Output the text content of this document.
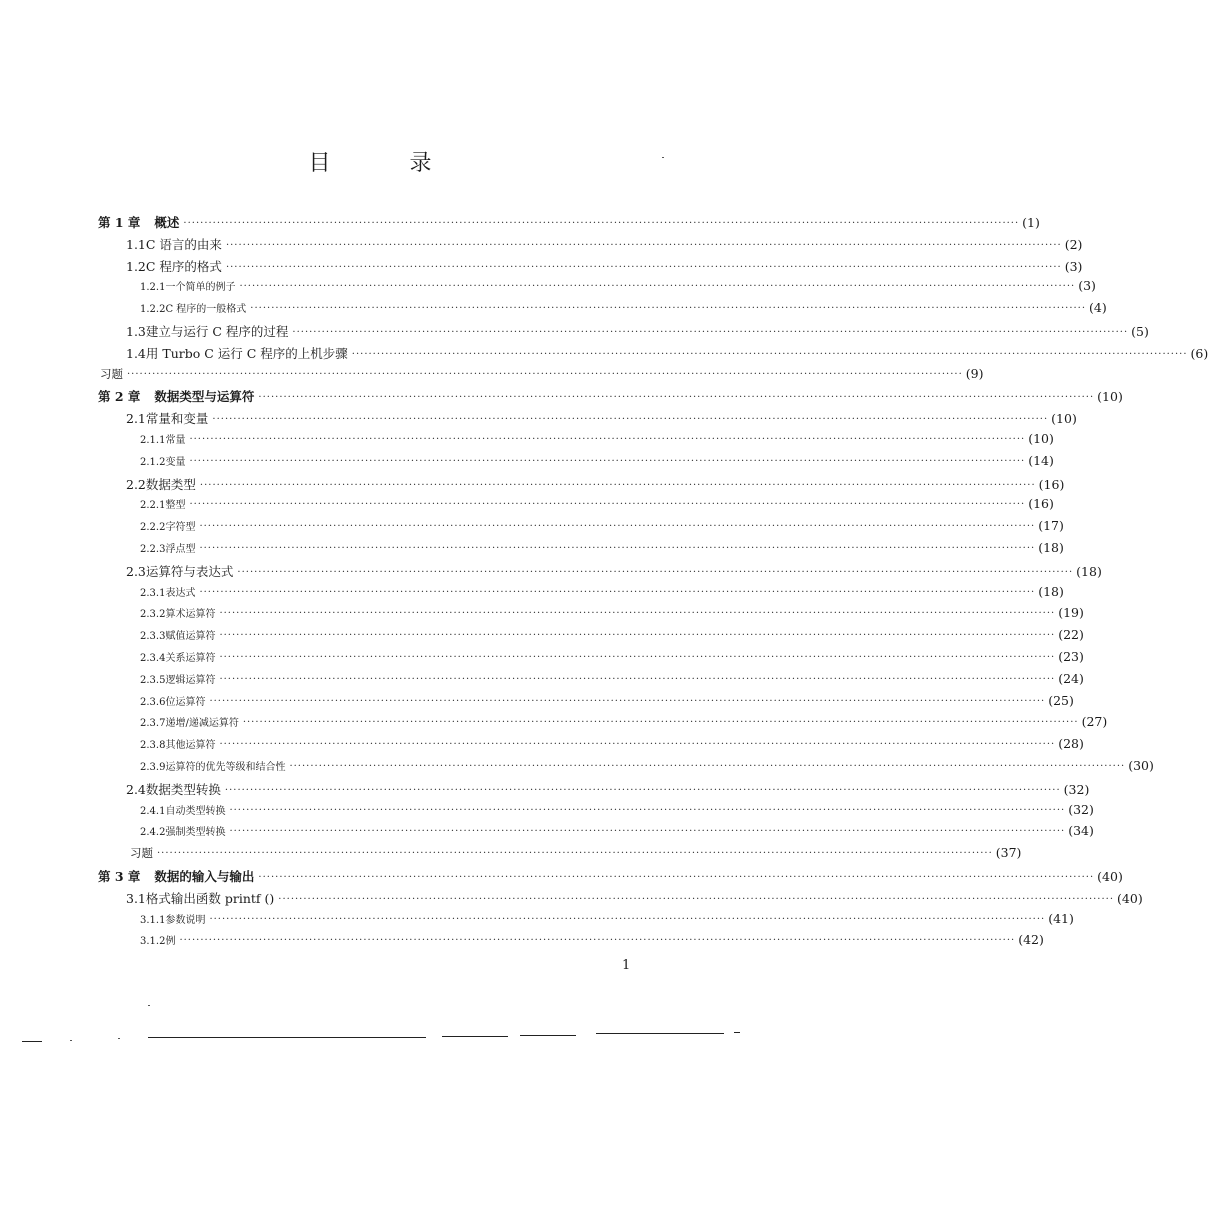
目 录
第 1 章 概述 ········································································································································································································ (1)
1.1 C 语言的由来 ········································································································································································································ (2)
1.2 C 程序的格式 ········································································································································································································ (3)
1.2.1 一个简单的例子 ········································································································································································································ (3)
1.2.2 C 程序的一般格式 ········································································································································································································ (4)
1.3 建立与运行 C 程序的过程 ········································································································································································································ (5)
1.4 用 Turbo C 运行 C 程序的上机步骤 ········································································································································································································ (6)
习题 ········································································································································································································ (9)
第 2 章 数据类型与运算符 ········································································································································································································ (10)
2.1 常量和变量 ········································································································································································································ (10)
2.1.1 常量 ········································································································································································································ (10)
2.1.2 变量 ········································································································································································································ (14)
2.2 数据类型 ········································································································································································································ (16)
2.2.1 整型 ········································································································································································································ (16)
2.2.2 字符型 ········································································································································································································ (17)
2.2.3 浮点型 ········································································································································································································ (18)
2.3 运算符与表达式 ········································································································································································································ (18)
2.3.1 表达式 ········································································································································································································ (18)
2.3.2 算术运算符 ········································································································································································································ (19)
2.3.3 赋值运算符 ········································································································································································································ (22)
2.3.4 关系运算符 ········································································································································································································ (23)
2.3.5 逻辑运算符 ········································································································································································································ (24)
2.3.6 位运算符 ········································································································································································································ (25)
2.3.7 递增/递减运算符 ········································································································································································································ (27)
2.3.8 其他运算符 ········································································································································································································ (28)
2.3.9 运算符的优先等级和结合性 ········································································································································································································ (30)
2.4 数据类型转换 ········································································································································································································ (32)
2.4.1 自动类型转换 ········································································································································································································ (32)
2.4.2 强制类型转换 ········································································································································································································ (34)
习题 ········································································································································································································ (37)
第 3 章 数据的输入与输出 ········································································································································································································ (40)
3.1 格式输出函数 printf () ········································································································································································································ (40)
3.1.1 参数说明 ········································································································································································································ (41)
3.1.2 例 ········································································································································································································ (42)
1
